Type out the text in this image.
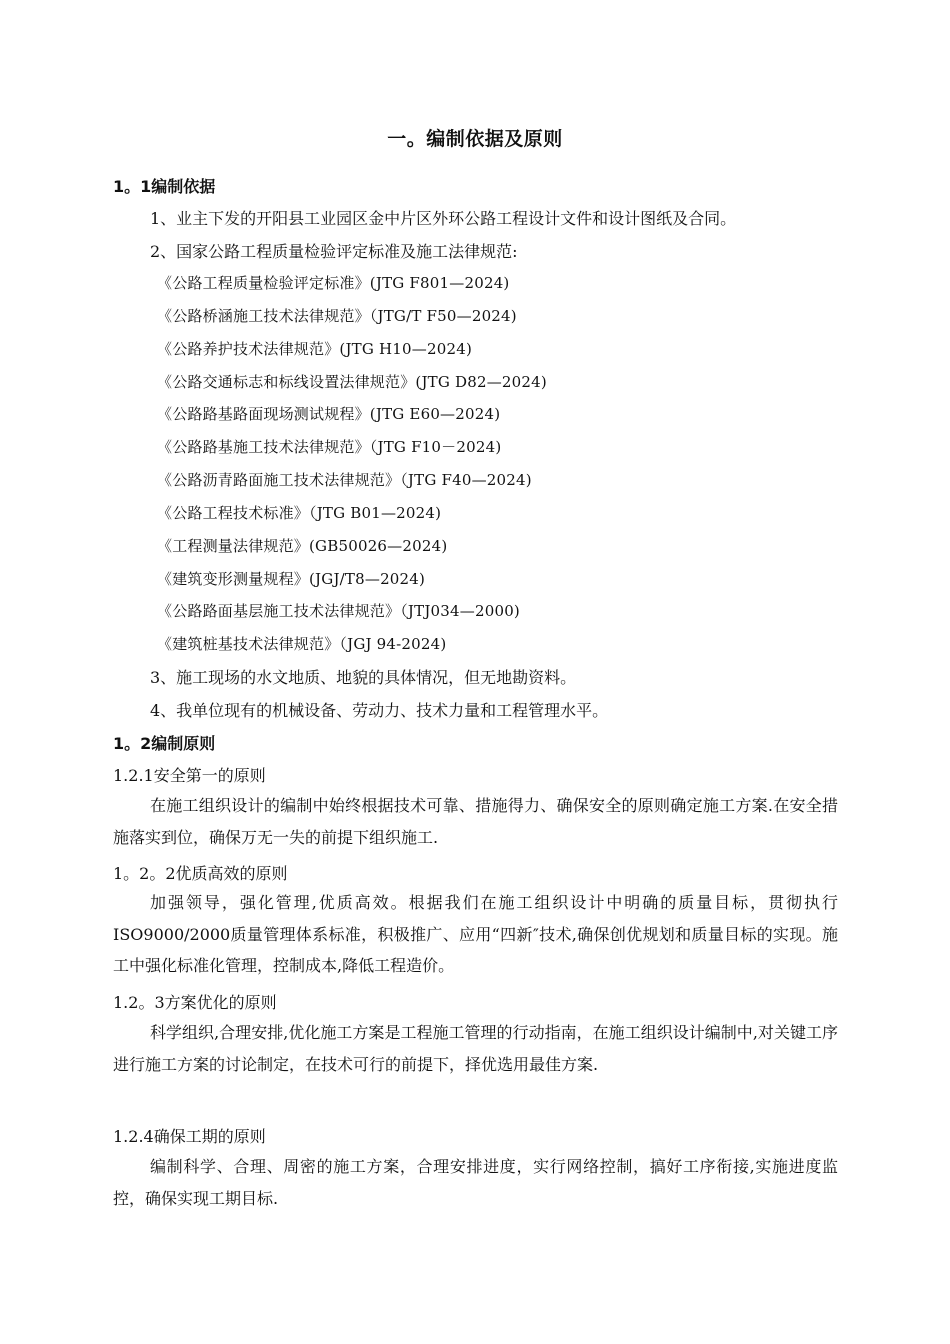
一。编制依据及原则
1。1编制依据
1、业主下发的开阳县工业园区金中片区外环公路工程设计文件和设计图纸及合同。
2、国家公路工程质量检验评定标准及施工法律规范:
《公路工程质量检验评定标准》(JTG F801—2024)
《公路桥涵施工技术法律规范》（JTG/T F50—2024)
《公路养护技术法律规范》(JTG H10—2024)
《公路交通标志和标线设置法律规范》(JTG D82—2024)
《公路路基路面现场测试规程》(JTG E60—2024)
《公路路基施工技术法律规范》（JTG F10－2024)
《公路沥青路面施工技术法律规范》（JTG F40—2024)
《公路工程技术标准》（JTG B01—2024)
《工程测量法律规范》(GB50026—2024)
《建筑变形测量规程》(JGJ/T8—2024)
《公路路面基层施工技术法律规范》（JTJ034—2000)
《建筑桩基技术法律规范》（JGJ 94-2024)
3、施工现场的水文地质、地貌的具体情况，但无地勘资料。
4、我单位现有的机械设备、劳动力、技术力量和工程管理水平。
1。2编制原则
1.2.1安全第一的原则
在施工组织设计的编制中始终根据技术可靠、措施得力、确保安全的原则确定施工方案.在安全措施落实到位，确保万无一失的前提下组织施工.
1。2。2优质高效的原则
加强领导，强化管理,优质高效。根据我们在施工组织设计中明确的质量目标，贯彻执行ISO9000/2000质量管理体系标准，积极推广、应用“四新″技术,确保创优规划和质量目标的实现。施工中强化标准化管理，控制成本,降低工程造价。
1.2。3方案优化的原则
科学组织,合理安排,优化施工方案是工程施工管理的行动指南，在施工组织设计编制中,对关键工序进行施工方案的讨论制定，在技术可行的前提下，择优选用最佳方案.
1.2.4确保工期的原则
编制科学、合理、周密的施工方案，合理安排进度，实行网络控制，搞好工序衔接,实施进度监控，确保实现工期目标.
